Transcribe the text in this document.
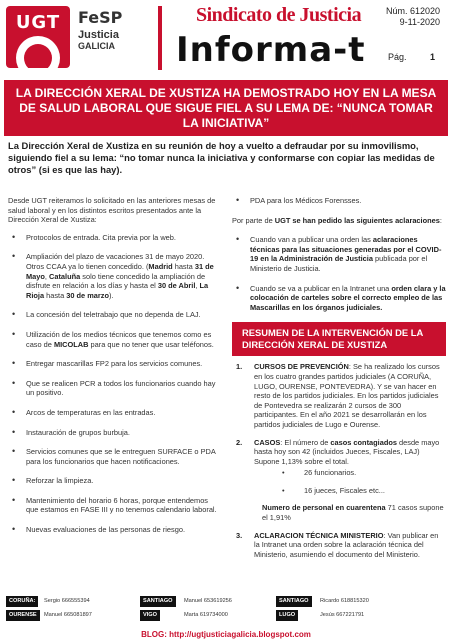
UGT	FeSP
Justicia
GALICIA
Sindicato de Justicia
Informa-t
Núm. 612020
9-11-2020
Pág.	1
LA DIRECCIÓN XERAL DE XUSTIZA HA DEMOSTRADO HOY EN LA MESA DE SALUD LABORAL QUE SIGUE FIEL A SU LEMA DE: “NUNCA TOMAR LA INICIATIVA”
La Dirección Xeral de Xustiza en su reunión de hoy a vuelto a defraudar por su inmovilismo, siguiendo fiel a su lema: “no tomar nunca la iniciativa y conformarse con copiar las medidas de otros” (si es que las hay).

Desde UGT reiteramos lo solicitado en las anteriores mesas de salud laboral y en los distintos escritos presentados ante la Dirección Xeral de Xustiza:

• Protocolos de entrada. Cita previa por la web.
• Ampliación del plazo de vacaciones 31 de mayo 2020. Otros CCAA ya lo tienen concedido. (Madrid hasta 31 de Mayo, Cataluña solo tiene concedido la ampliación de disfrute en relación a los días y hasta el 30 de Abril, La Rioja hasta 30 de marzo).
• La concesión del teletrabajo que no dependa de LAJ.
• Utilización de los medios técnicos que tenemos como es caso de MICOLAB para que no tener que usar teléfonos.
• Entregar mascarillas FP2 para los servicios comunes.
• Que se realicen PCR a todos los funcionarios cuando hay un positivo.
• Arcos de temperaturas en las entradas.
• Instauración de grupos burbuja.
• Servicios comunes que se le entreguen SURFACE o PDA para los funcionarios que hacen notificaciones.
• Reforzar la limpieza.
• Mantenimiento del horario 6 horas, porque entendemos que estamos en FASE III y no tenemos calendario laboral.
• Nuevas evaluaciones de las personas de riesgo.
• PDA para los Médicos Forensses.

Por parte de UGT se han pedido las siguientes aclaraciones:

• Cuando van a publicar una orden las aclaraciones técnicas para las situaciones generadas por el COVID-19 en la Administración de Justicia publicada por el Ministerio de Justicia.
• Cuando se va a publicar en la Intranet una orden clara y la colocación de carteles sobre el correcto empleo de las Mascarillas en los órganos judiciales.
RESUMEN DE LA INTERVENCIÓN DE LA DIRECCIÓN XERAL DE XUSTIZA
1. CURSOS DE PREVENCIÓN: Se ha realizado los cursos en los cuatro grandes partidos judiciales (A CORUÑA, LUGO, OURENSE, PONTEVEDRA). Y se van hacer en resto de los partidos judiciales. En los partidos judiciales de Pontevedra se realizarán 2 cursos de 300 participantes. En el año 2021 se desarrollarán en los partidos judiciales de Lugo e Ourense.
2. CASOS: El número de casos contagiados desde mayo hasta hoy son 42 (incluidos Jueces, Fiscales, LAJ) Supone 1,13% sobre el total.
• 26 funcionarios.
• 16 jueces, Fiscales etc...
Numero de personal en cuarentena 71 casos supone el 1,91%
3. ACLARACION TÉCNICA MINISTERIO: Van publicar en la Intranet una orden sobre la aclaración técnica del Ministerio, asumiendo el documento del Ministerio.
CORUÑA:	Sergio 666555394
OURENSE	Manuel 665081897
SANTIAGO	Manuel 653619256
VIGO	Marta 619734000
SANTIAGO	Ricardo 618815320
LUGO	Jesús 667221791
BLOG: http://ugtjusticiagalicia.blogspot.com
